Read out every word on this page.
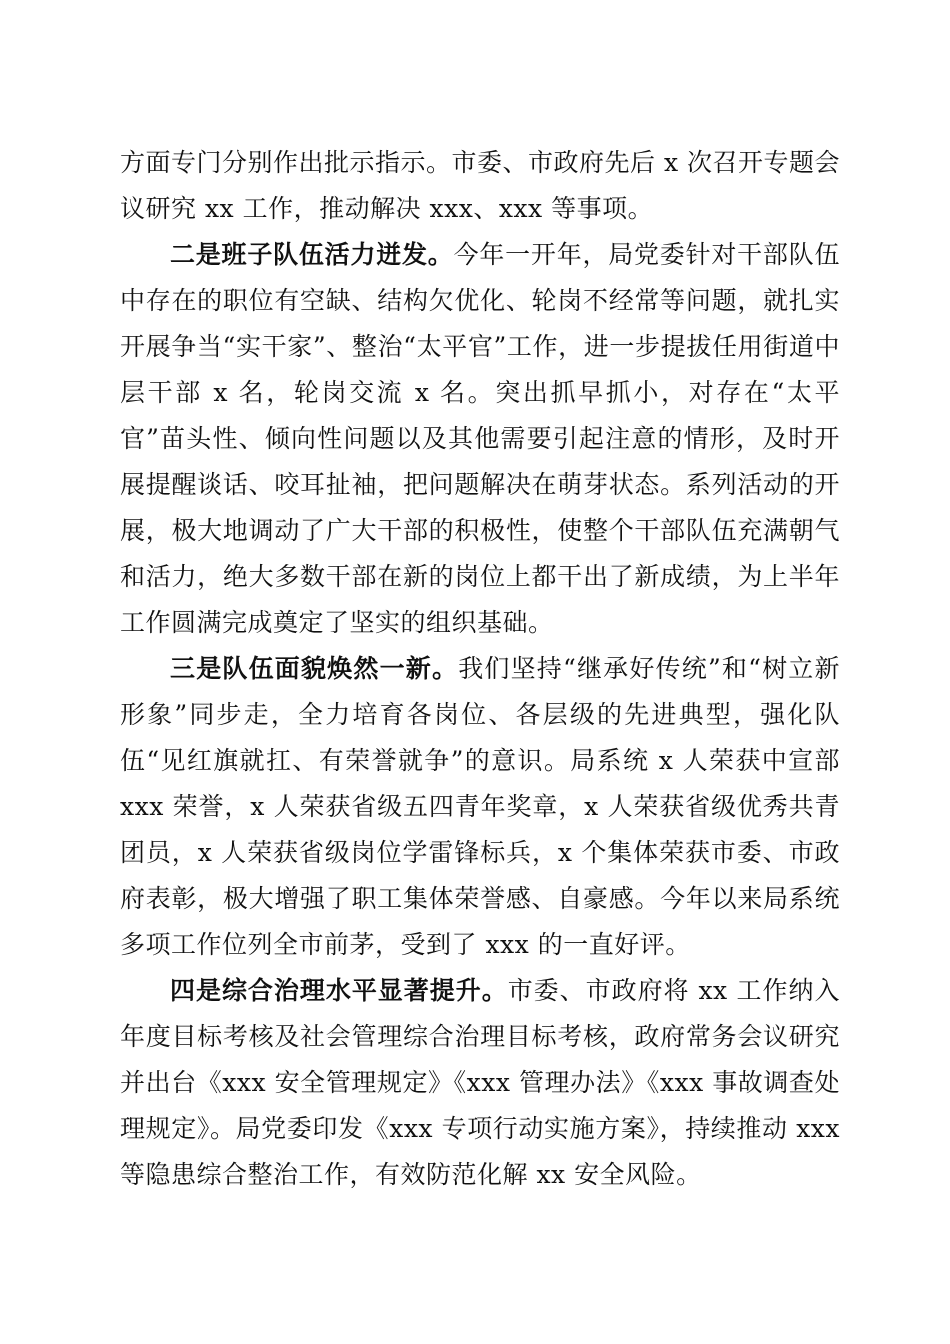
方面专门分别作出批示指示。市委、市政府先后 x 次召开专题会议研究 xx 工作，推动解决 xxx、xxx 等事项。

二是班子队伍活力迸发。今年一开年，局党委针对干部队伍中存在的职位有空缺、结构欠优化、轮岗不经常等问题，就扎实开展争当“实干家”、整治“太平官”工作，进一步提拔任用街道中层干部 x 名，轮岗交流 x 名。突出抓早抓小，对存在“太平官”苗头性、倾向性问题以及其他需要引起注意的情形，及时开展提醒谈话、咬耳扯袖，把问题解决在萌芽状态。系列活动的开展，极大地调动了广大干部的积极性，使整个干部队伍充满朝气和活力，绝大多数干部在新的岗位上都干出了新成绩，为上半年工作圆满完成奠定了坚实的组织基础。

三是队伍面貌焕然一新。我们坚持“继承好传统”和“树立新形象”同步走，全力培育各岗位、各层级的先进典型，强化队伍“见红旗就扛、有荣誉就争”的意识。局系统 x 人荣获中宣部 xxx 荣誉，x 人荣获省级五四青年奖章，x 人荣获省级优秀共青团员，x 人荣获省级岗位学雷锋标兵，x 个集体荣获市委、市政府表彰，极大增强了职工集体荣誉感、自豪感。今年以来局系统多项工作位列全市前茅，受到了 xxx 的一直好评。

四是综合治理水平显著提升。市委、市政府将 xx 工作纳入年度目标考核及社会管理综合治理目标考核，政府常务会议研究并出台《xxx 安全管理规定》《xxx 管理办法》《xxx 事故调查处理规定》。局党委印发《xxx 专项行动实施方案》，持续推动 xxx 等隐患综合整治工作，有效防范化解 xx 安全风险。
